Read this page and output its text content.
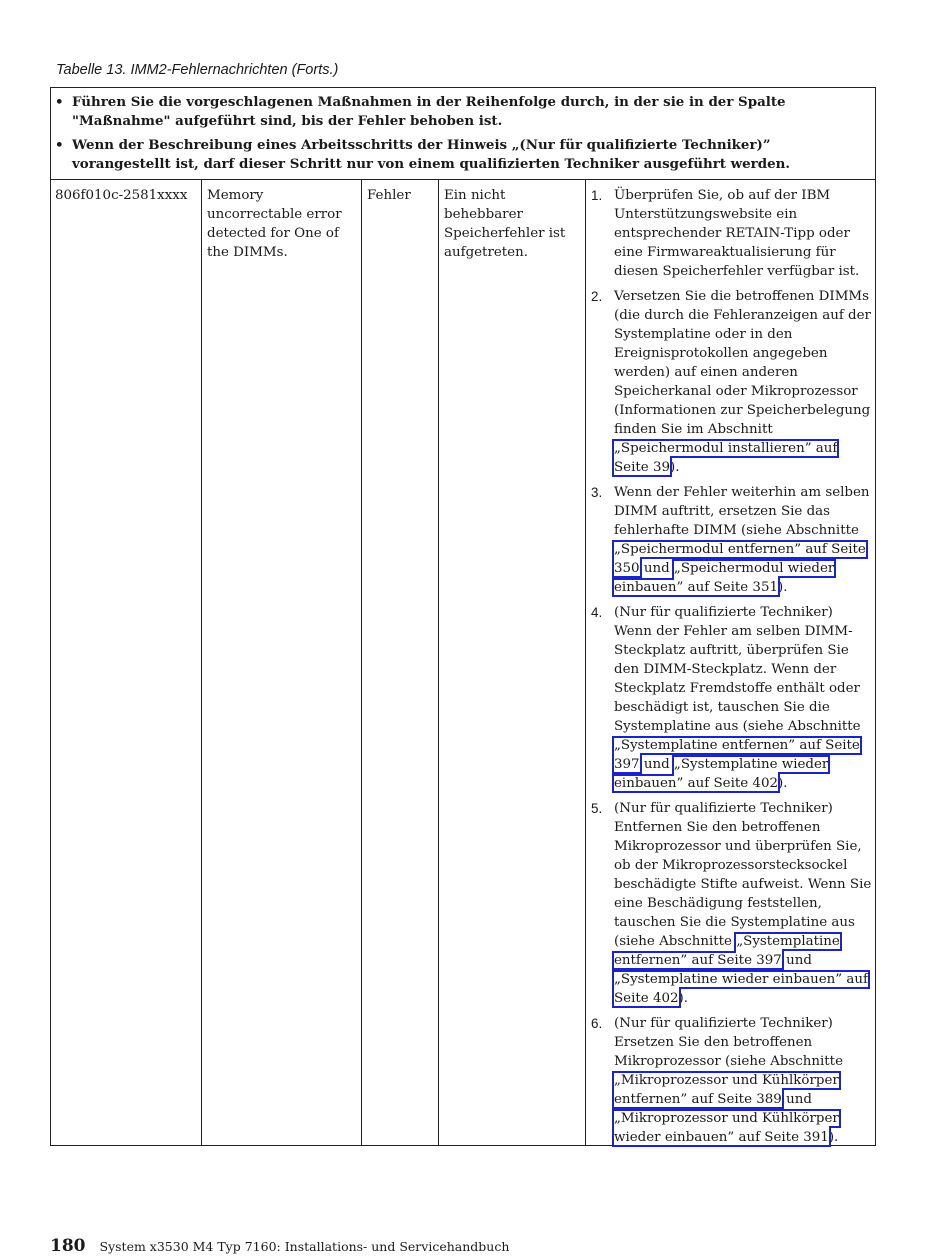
Tabelle 13. IMM2-Fehlernachrichten (Forts.)
• Führen Sie die vorgeschlagenen Maßnahmen in der Reihenfolge durch, in der sie in der Spalte "Maßnahme" aufgeführt sind, bis der Fehler behoben ist.
• Wenn der Beschreibung eines Arbeitsschritts der Hinweis „(Nur für qualifizierte Techniker)” vorangestellt ist, darf dieser Schritt nur von einem qualifizierten Techniker ausgeführt werden.
806f010c-2581xxxx	Memory uncorrectable error detected for One of the DIMMs.
Fehler	Ein nicht behebbarer Speicherfehler ist aufgetreten.
1. Überprüfen Sie, ob auf der IBM Unterstützungswebsite ein entsprechender RETAIN-Tipp oder eine Firmwareaktualisierung für diesen Speicherfehler verfügbar ist.
2. Versetzen Sie die betroffenen DIMMs (die durch die Fehleranzeigen auf der Systemplatine oder in den Ereignisprotokollen angegeben werden) auf einen anderen Speicherkanal oder Mikroprozessor (Informationen zur Speicherbelegung finden Sie im Abschnitt „Speichermodul installieren” auf Seite 39).
3. Wenn der Fehler weiterhin am selben DIMM auftritt, ersetzen Sie das fehlerhafte DIMM (siehe Abschnitte „Speichermodul entfernen” auf Seite 350 und „Speichermodul wieder einbauen” auf Seite 351).
4. (Nur für qualifizierte Techniker) Wenn der Fehler am selben DIMM-Steckplatz auftritt, überprüfen Sie den DIMM-Steckplatz. Wenn der Steckplatz Fremdstoffe enthält oder beschädigt ist, tauschen Sie die Systemplatine aus (siehe Abschnitte „Systemplatine entfernen” auf Seite 397 und „Systemplatine wieder einbauen” auf Seite 402).
5. (Nur für qualifizierte Techniker) Entfernen Sie den betroffenen Mikroprozessor und überprüfen Sie, ob der Mikroprozessorstecksockel beschädigte Stifte aufweist. Wenn Sie eine Beschädigung feststellen, tauschen Sie die Systemplatine aus (siehe Abschnitte „Systemplatine entfernen” auf Seite 397 und „Systemplatine wieder einbauen” auf Seite 402).
6. (Nur für qualifizierte Techniker) Ersetzen Sie den betroffenen Mikroprozessor (siehe Abschnitte „Mikroprozessor und Kühlkörper entfernen” auf Seite 389 und „Mikroprozessor und Kühlkörper wieder einbauen” auf Seite 391).
180 System x3530 M4 Typ 7160: Installations- und Servicehandbuch
